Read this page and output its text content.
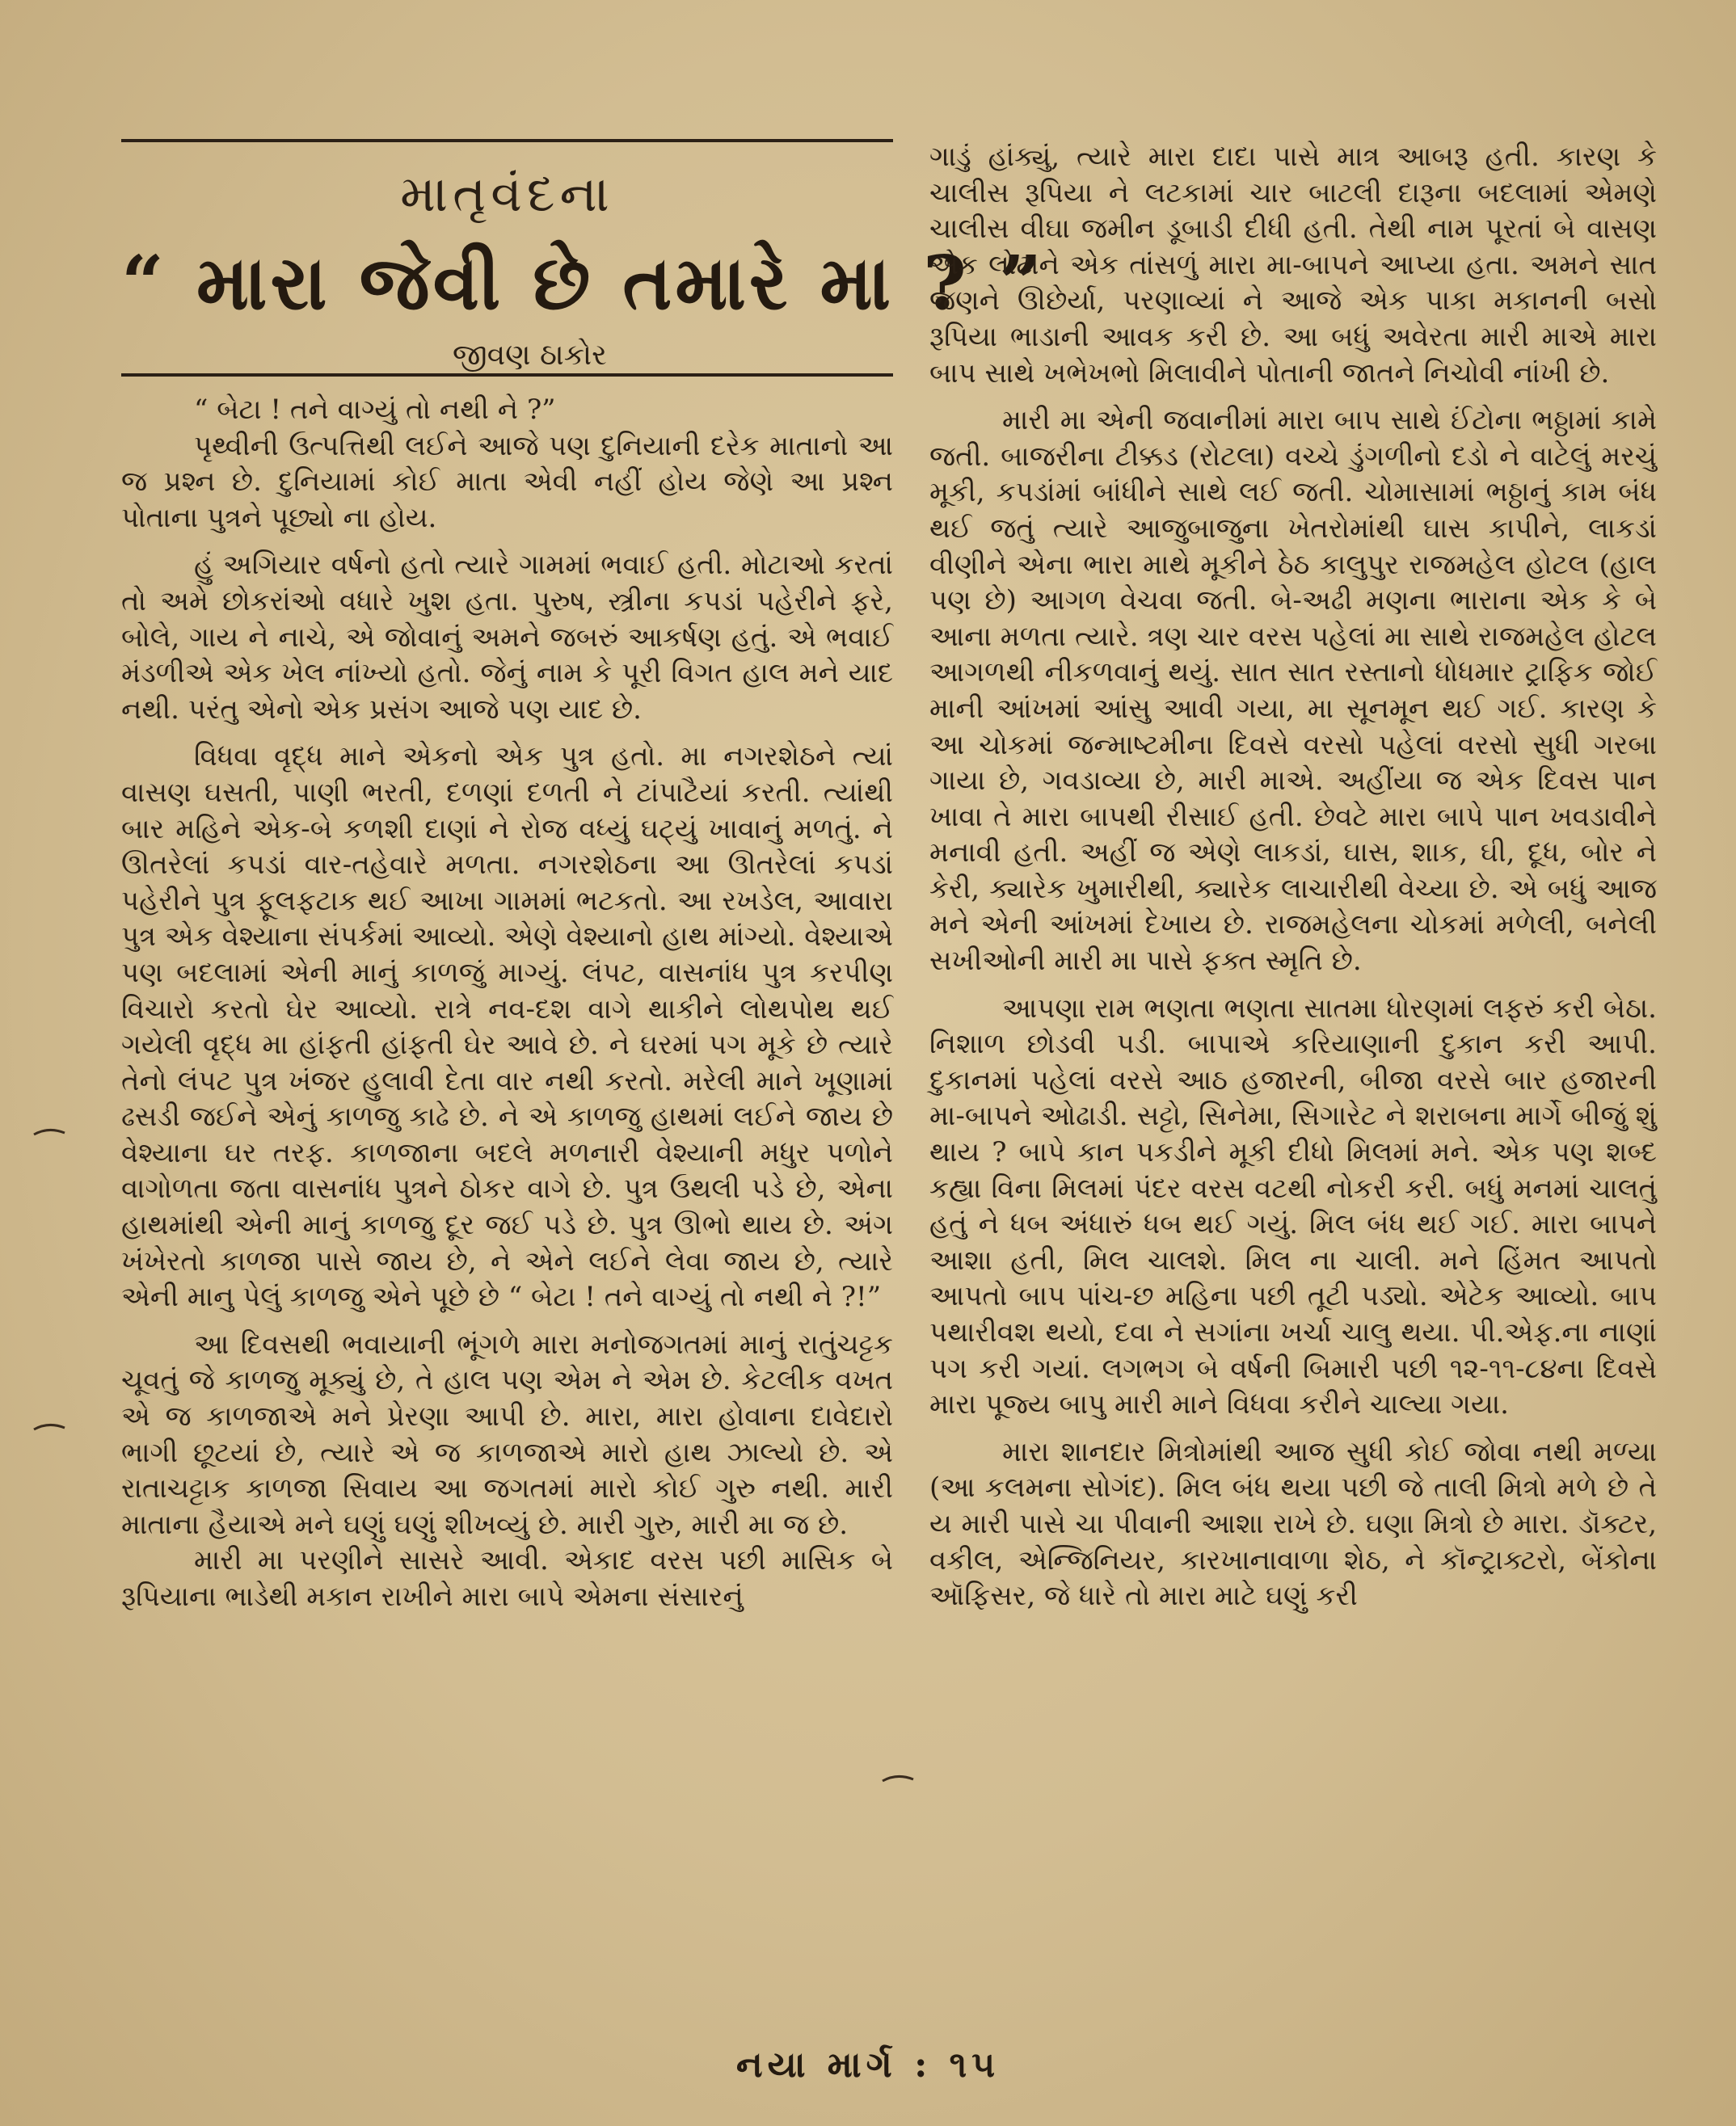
માતૃવંદના
“ મારા જેવી છે તમારે મા ? ”
જીવણ ઠાકોર

“ બેટા ! તને વાગ્યું તો નથી ને ?”

પૃથ્વીની ઉત્પત્તિથી લઈને આજે પણ દુનિયાની દરેક માતાનો આ જ પ્રશ્ન છે. દુનિયામાં કોઈ માતા એવી નહીં હોય જેણે આ પ્રશ્ન પોતાના પુત્રને પૂછ્યો ના હોય.

હું અગિયાર વર્ષનો હતો ત્યારે ગામમાં ભવાઈ હતી. મોટાઓ કરતાં તો અમે છોકરાંઓ વધારે ખુશ હતા. પુરુષ, સ્ત્રીના કપડાં પહેરીને ફરે, બોલે, ગાય ને નાચે, એ જોવાનું અમને જબરું આકર્ષણ હતું. એ ભવાઈ મંડળીએ એક ખેલ નાંખ્યો હતો. જેનું નામ કે પૂરી વિગત હાલ મને યાદ નથી. પરંતુ એનો એક પ્રસંગ આજે પણ યાદ છે.

વિધવા વૃદ્ધ માને એકનો એક પુત્ર હતો. મા નગરશેઠને ત્યાં વાસણ ઘસતી, પાણી ભરતી, દળણાં દળતી ને ટાંપાટૈયાં કરતી. ત્યાંથી બાર મહિને એક-બે કળશી દાણાં ને રોજ વધ્યું ઘટ્યું ખાવાનું મળતું. ને ઊતરેલાં કપડાં વાર-તહેવારે મળતા. નગરશેઠના આ ઊતરેલાં કપડાં પહેરીને પુત્ર ફૂલફટાક થઈ આખા ગામમાં ભટકતો. આ રખડેલ, આવારા પુત્ર એક વેશ્યાના સંપર્કમાં આવ્યો. એણે વેશ્યાનો હાથ માંગ્યો. વેશ્યાએ પણ બદલામાં એની માનું કાળજું માગ્યું. લંપટ, વાસનાંધ પુત્ર કરપીણ વિચારો કરતો ઘેર આવ્યો. રાત્રે નવ-દશ વાગે થાકીને લોથપોથ થઈ ગયેલી વૃદ્ધ મા હાંફતી હાંફતી ઘેર આવે છે. ને ઘરમાં પગ મૂકે છે ત્યારે તેનો લંપટ પુત્ર ખંજર હુલાવી દેતા વાર નથી કરતો. મરેલી માને ખૂણામાં ઢસડી જઈને એનું કાળજુ કાઢે છે. ને એ કાળજુ હાથમાં લઈને જાય છે વેશ્યાના ઘર તરફ. કાળજાના બદલે મળનારી વેશ્યાની મધુર પળોને વાગોળતા જતા વાસનાંધ પુત્રને ઠોકર વાગે છે. પુત્ર ઉથલી પડે છે, એના હાથમાંથી એની માનું કાળજુ દૂર જઈ પડે છે. પુત્ર ઊભો થાય છે. અંગ ખંખેરતો કાળજા પાસે જાય છે, ને એને લઈને લેવા જાય છે, ત્યારે એની માનુ પેલું કાળજુ એને પૂછે છે “ બેટા ! તને વાગ્યું તો નથી ને ?!”

આ દિવસથી ભવાયાની ભૂંગળે મારા મનોજગતમાં માનું રાતુંચટ્ટક ચૂવતું જે કાળજુ મૂક્યું છે, તે હાલ પણ એમ ને એમ છે. કેટલીક વખત એ જ કાળજાએ મને પ્રેરણા આપી છે. મારા, મારા હોવાના દાવેદારો ભાગી છૂટયાં છે, ત્યારે એ જ કાળજાએ મારો હાથ ઝાલ્યો છે. એ રાતાચટ્ટાક કાળજા સિવાય આ જગતમાં મારો કોઈ ગુરુ નથી. મારી માતાના હૈયાએ મને ઘણું ઘણું શીખવ્યું છે. મારી ગુરુ, મારી મા જ છે.

મારી મા પરણીને સાસરે આવી. એકાદ વરસ પછી માસિક બે રૂપિયાના ભાડેથી મકાન રાખીને મારા બાપે એમના સંસારનું

ગાડું હાંક્યું, ત્યારે મારા દાદા પાસે માત્ર આબરૂ હતી. કારણ કે ચાલીસ રૂપિયા ને લટકામાં ચાર બાટલી દારૂના બદલામાં એમણે ચાલીસ વીઘા જમીન ડૂબાડી દીધી હતી. તેથી નામ પૂરતાં બે વાસણ એક લોટાને એક તાંસળું મારા મા-બાપને આપ્યા હતા. અમને સાત જણને ઊછેર્યા, પરણાવ્યાં ને આજે એક પાકા મકાનની બસો રૂપિયા ભાડાની આવક કરી છે. આ બધું અવેરતા મારી માએ મારા બાપ સાથે ખભેખભો મિલાવીને પોતાની જાતને નિચોવી નાંખી છે.

મારી મા એની જવાનીમાં મારા બાપ સાથે ઈંટોના ભઠ્ઠામાં કામે જતી. બાજરીના ટીક્કડ (રોટલા) વચ્ચે ડુંગળીનો દડો ને વાટેલું મરચું મૂકી, કપડાંમાં બાંધીને સાથે લઈ જતી. ચોમાસામાં ભઠ્ઠાનું કામ બંધ થઈ જતું ત્યારે આજુબાજુના ખેતરોમાંથી ઘાસ કાપીને, લાકડાં વીણીને એના ભારા માથે મૂકીને ઠેઠ કાલુપુર રાજમહેલ હોટલ (હાલ પણ છે) આગળ વેચવા જતી. બે-અઢી મણના ભારાના એક કે બે આના મળતા ત્યારે. ત્રણ ચાર વરસ પહેલાં મા સાથે રાજમહેલ હોટલ આગળથી નીકળવાનું થયું. સાત સાત રસ્તાનો ધોધમાર ટ્રાફિક જોઈ માની આંખમાં આંસુ આવી ગયા, મા સૂનમૂન થઈ ગઈ. કારણ કે આ ચોકમાં જન્માષ્ટમીના દિવસે વરસો પહેલાં વરસો સુધી ગરબા ગાયા છે, ગવડાવ્યા છે, મારી માએ. અહીંયા જ એક દિવસ પાન ખાવા તે મારા બાપથી રીસાઈ હતી. છેવટે મારા બાપે પાન ખવડાવીને મનાવી હતી. અહીં જ એણે લાકડાં, ઘાસ, શાક, ઘી, દૂધ, બોર ને કેરી, ક્યારેક ખુમારીથી, ક્યારેક લાચારીથી વેચ્યા છે. એ બધું આજ મને એની આંખમાં દેખાય છે. રાજમહેલના ચોકમાં મળેલી, બનેલી સખીઓની મારી મા પાસે ફક્ત સ્મૃતિ છે.

આપણા રામ ભણતા ભણતા સાતમા ધોરણમાં લફરું કરી બેઠા. નિશાળ છોડવી પડી. બાપાએ કરિયાણાની દુકાન કરી આપી. દુકાનમાં પહેલાં વરસે આઠ હજારની, બીજા વરસે બાર હજારની મા-બાપને ઓઢાડી. સટ્ટો, સિનેમા, સિગારેટ ને શરાબના માર્ગે બીજું શું થાય ? બાપે કાન પકડીને મૂકી દીધો મિલમાં મને. એક પણ શબ્દ કહ્યા વિના મિલમાં પંદર વરસ વટથી નોકરી કરી. બધું મનમાં ચાલતું હતું ને ધબ અંધારું ધબ થઈ ગયું. મિલ બંધ થઈ ગઈ. મારા બાપને આશા હતી, મિલ ચાલશે. મિલ ના ચાલી. મને હિંમત આપતો આપતો બાપ પાંચ-છ મહિના પછી તૂટી પડ્યો. એટેક આવ્યો. બાપ પથારીવશ થયો, દવા ને સગાંના ખર્ચા ચાલુ થયા. પી.એફ.ના નાણાં પગ કરી ગયાં. લગભગ બે વર્ષની બિમારી પછી ૧૨-૧૧-૮૪ના દિવસે મારા પૂજ્ય બાપુ મારી માને વિધવા કરીને ચાલ્યા ગયા.

મારા શાનદાર મિત્રોમાંથી આજ સુધી કોઈ જોવા નથી મળ્યા (આ કલમના સોગંદ). મિલ બંધ થયા પછી જે તાલી મિત્રો મળે છે તે ય મારી પાસે ચા પીવાની આશા રાખે છે. ઘણા મિત્રો છે મારા. ડૉક્ટર, વકીલ, એન્જિનિયર, કારખાનાવાળા શેઠ, ને કૉન્ટ્રાક્ટરો, બેંકોના ઑફિસર, જે ધારે તો મારા માટે ઘણું કરી

નયા માર્ગ : ૧૫
